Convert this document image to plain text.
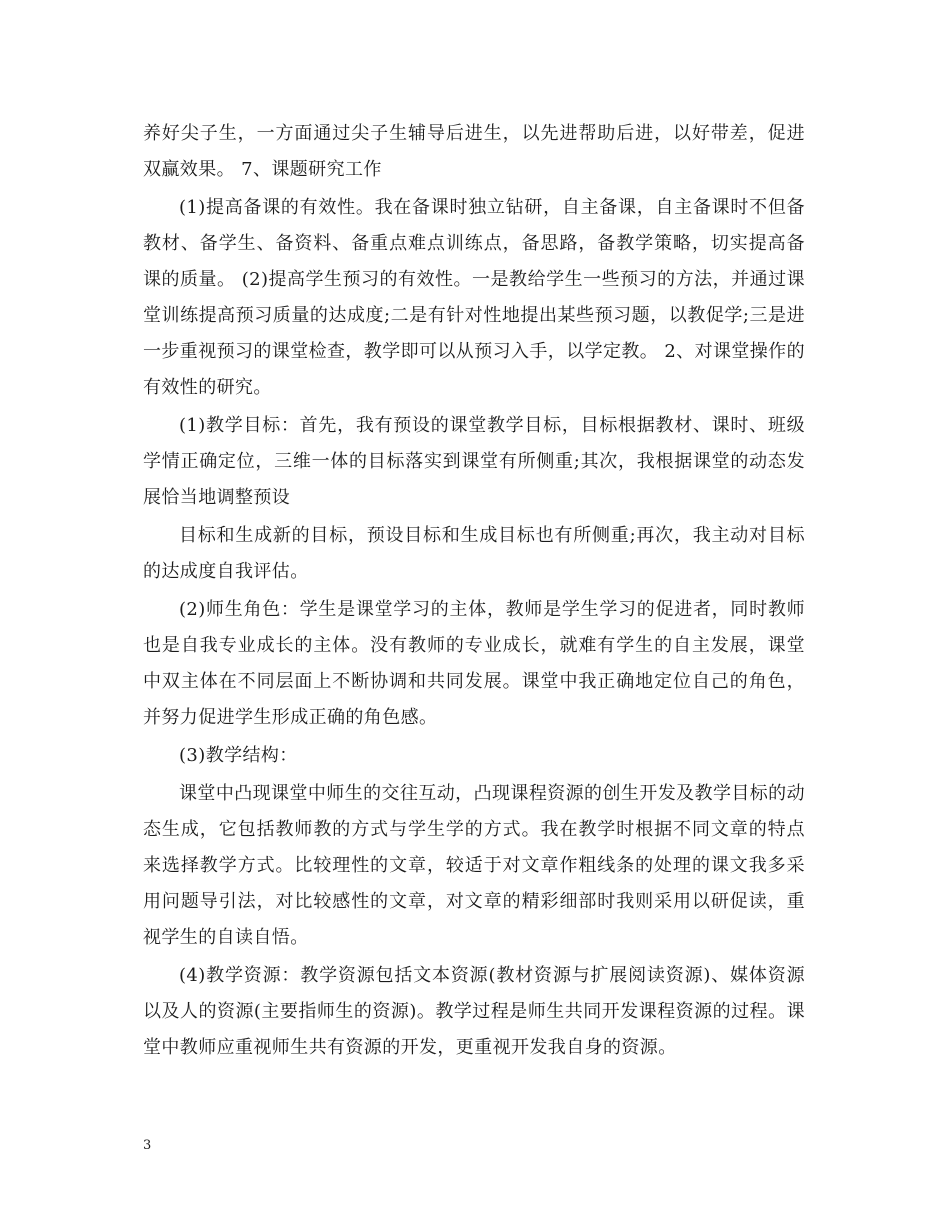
养好尖子生，一方面通过尖子生辅导后进生，以先进帮助后进，以好带差，促进双赢效果。 7、课题研究工作

(1)提高备课的有效性。我在备课时独立钻研，自主备课，自主备课时不但备教材、备学生、备资料、备重点难点训练点，备思路，备教学策略，切实提高备课的质量。 (2)提高学生预习的有效性。一是教给学生一些预习的方法，并通过课堂训练提高预习质量的达成度;二是有针对性地提出某些预习题，以教促学;三是进一步重视预习的课堂检查，教学即可以从预习入手，以学定教。 2、对课堂操作的有效性的研究。

(1)教学目标：首先，我有预设的课堂教学目标，目标根据教材、课时、班级学情正确定位，三维一体的目标落实到课堂有所侧重;其次，我根据课堂的动态发展恰当地调整预设

目标和生成新的目标，预设目标和生成目标也有所侧重;再次，我主动对目标的达成度自我评估。

(2)师生角色：学生是课堂学习的主体，教师是学生学习的促进者，同时教师也是自我专业成长的主体。没有教师的专业成长，就难有学生的自主发展，课堂中双主体在不同层面上不断协调和共同发展。课堂中我正确地定位自己的角色，并努力促进学生形成正确的角色感。

(3)教学结构：

课堂中凸现课堂中师生的交往互动，凸现课程资源的创生开发及教学目标的动态生成，它包括教师教的方式与学生学的方式。我在教学时根据不同文章的特点来选择教学方式。比较理性的文章，较适于对文章作粗线条的处理的课文我多采用问题导引法，对比较感性的文章，对文章的精彩细部时我则采用以研促读，重视学生的自读自悟。

(4)教学资源：教学资源包括文本资源(教材资源与扩展阅读资源)、媒体资源以及人的资源(主要指师生的资源)。教学过程是师生共同开发课程资源的过程。课堂中教师应重视师生共有资源的开发，更重视开发我自身的资源。

3
